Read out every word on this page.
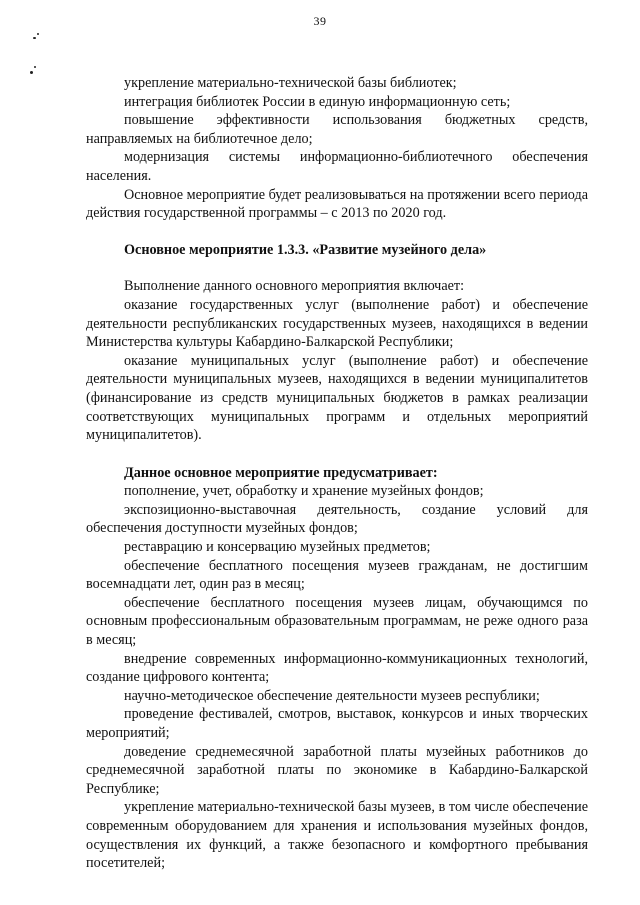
39

укрепление материально-технической базы библиотек;

интеграция библиотек России в единую информационную сеть;

повышение эффективности использования бюджетных средств, направляемых на библиотечное дело;

модернизация системы информационно-библиотечного обеспечения населения.

Основное мероприятие будет реализовываться на протяжении всего периода действия государственной программы – с 2013 по 2020 год.

Основное мероприятие 1.3.3. «Развитие музейного дела»

Выполнение данного основного мероприятия включает:

оказание государственных услуг (выполнение работ) и обеспечение деятельности республиканских государственных музеев, находящихся в ведении Министерства культуры Кабардино-Балкарской Республики;

оказание муниципальных услуг (выполнение работ) и обеспечение деятельности муниципальных музеев, находящихся в ведении муниципалитетов (финансирование из средств муниципальных бюджетов в рамках реализации соответствующих муниципальных программ и отдельных мероприятий муниципалитетов).

Данное основное мероприятие предусматривает:

пополнение, учет, обработку и хранение музейных фондов;

экспозиционно-выставочная деятельность, создание условий для обеспечения доступности музейных фондов;

реставрацию и консервацию музейных предметов;

обеспечение бесплатного посещения музеев гражданам, не достигшим восемнадцати лет, один раз в месяц;

обеспечение бесплатного посещения музеев лицам, обучающимся по основным профессиональным образовательным программам, не реже одного раза в месяц;

внедрение современных информационно-коммуникационных технологий, создание цифрового контента;

научно-методическое обеспечение деятельности музеев республики;

проведение фестивалей, смотров, выставок, конкурсов и иных творческих мероприятий;

доведение среднемесячной заработной платы музейных работников до среднемесячной заработной платы по экономике в Кабардино-Балкарской Республике;

укрепление материально-технической базы музеев, в том числе обеспечение современным оборудованием для хранения и использования музейных фондов, осуществления их функций, а также безопасного и комфортного пребывания посетителей;
